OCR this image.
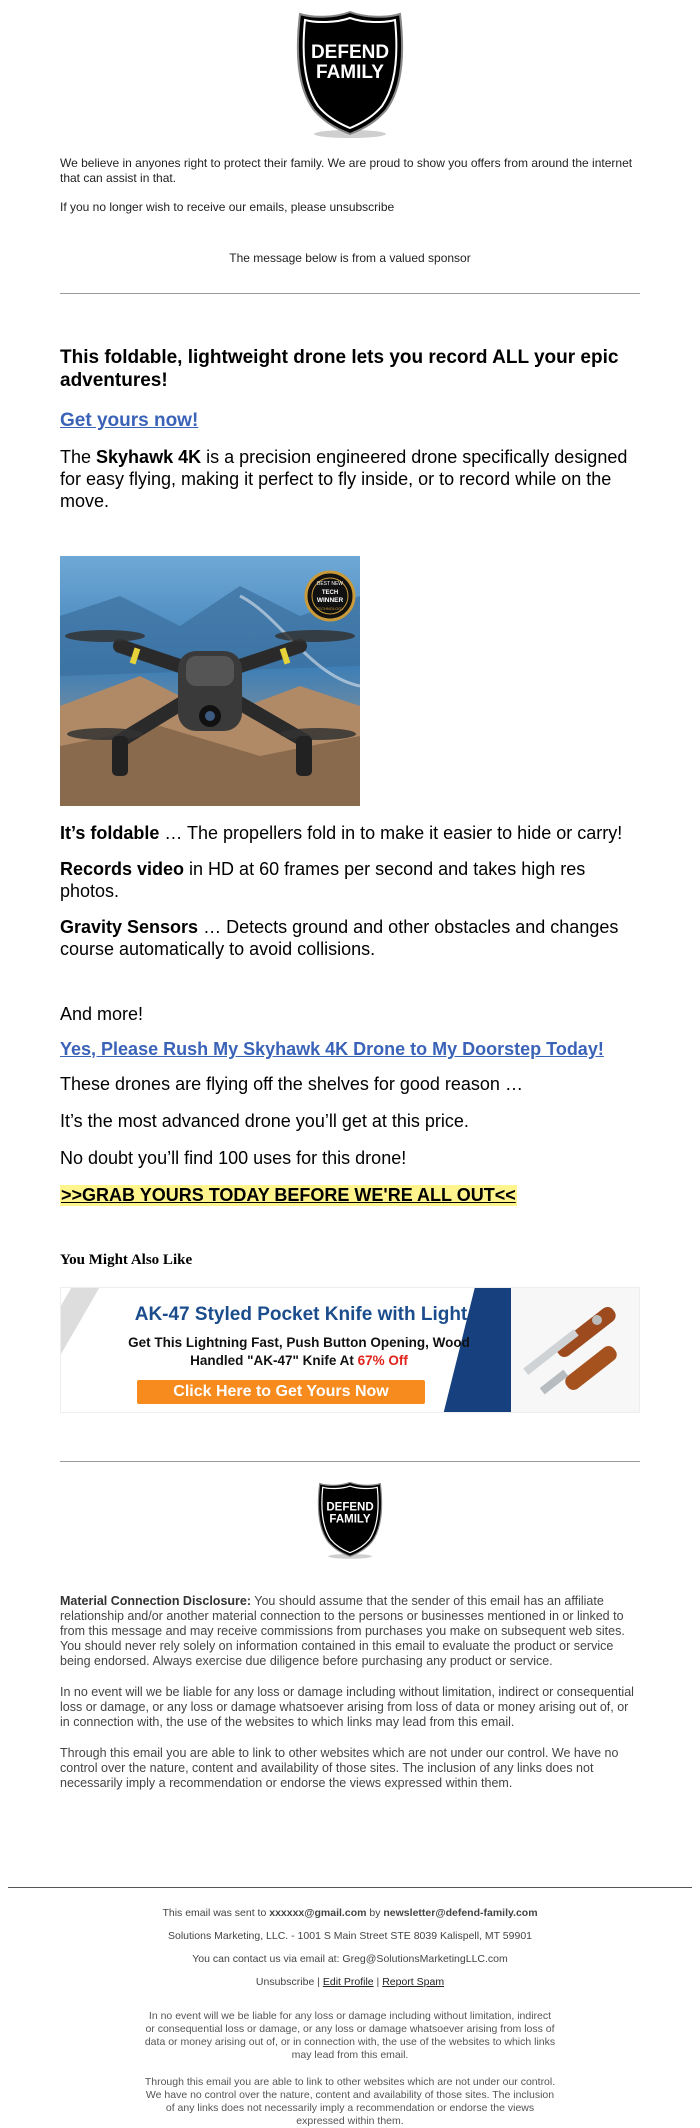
DEFEND
FAMILY

We believe in anyones right to protect their family. We are proud to show you offers from around the internet that can assist in that.

If you no longer wish to receive our emails, please unsubscribe

The message below is from a valued sponsor

This foldable, lightweight drone lets you record ALL your epic adventures!
Get yours now!

The Skyhawk 4K is a precision engineered drone specifically designed for easy flying, making it perfect to fly inside, or to record while on the move.

BEST NEW
TECH
WINNER
TECHNOLOGY

It’s foldable … The propellers fold in to make it easier to hide or carry!

Records video in HD at 60 frames per second and takes high res photos.

Gravity Sensors … Detects ground and other obstacles and changes course automatically to avoid collisions.

And more!

Yes, Please Rush My Skyhawk 4K Drone to My Doorstep Today!

These drones are flying off the shelves for good reason …

It’s the most advanced drone you’ll get at this price.

No doubt you’ll find 100 uses for this drone!

>>GRAB YOURS TODAY BEFORE WE'RE ALL OUT<<

You Might Also Like

AK-47 Styled Pocket Knife with Light
Get This Lightning Fast, Push Button Opening, Wood
Handled "AK-47" Knife At 67% Off
Click Here to Get Yours Now
DEFEND
FAMILY

Material Connection Disclosure: You should assume that the sender of this email has an affiliate relationship and/or another material connection to the persons or businesses mentioned in or linked to from this message and may receive commissions from purchases you make on subsequent web sites. You should never rely solely on information contained in this email to evaluate the product or service being endorsed. Always exercise due diligence before purchasing any product or service.

In no event will we be liable for any loss or damage including without limitation, indirect or consequential loss or damage, or any loss or damage whatsoever arising from loss of data or money arising out of, or in connection with, the use of the websites to which links may lead from this email.

Through this email you are able to link to other websites which are not under our control. We have no control over the nature, content and availability of those sites. The inclusion of any links does not necessarily imply a recommendation or endorse the views expressed within them.

This email was sent to xxxxxx@gmail.com by newsletter@defend-family.com

Solutions Marketing, LLC. - 1001 S Main Street STE 8039 Kalispell, MT 59901

You can contact us via email at: Greg@SolutionsMarketingLLC.com

Unsubscribe | Edit Profile | Report Spam

In no event will we be liable for any loss or damage including without limitation, indirect or consequential loss or damage, or any loss or damage whatsoever arising from loss of data or money arising out of, or in connection with, the use of the websites to which links may lead from this email.

Through this email you are able to link to other websites which are not under our control. We have no control over the nature, content and availability of those sites. The inclusion of any links does not necessarily imply a recommendation or endorse the views expressed within them.
